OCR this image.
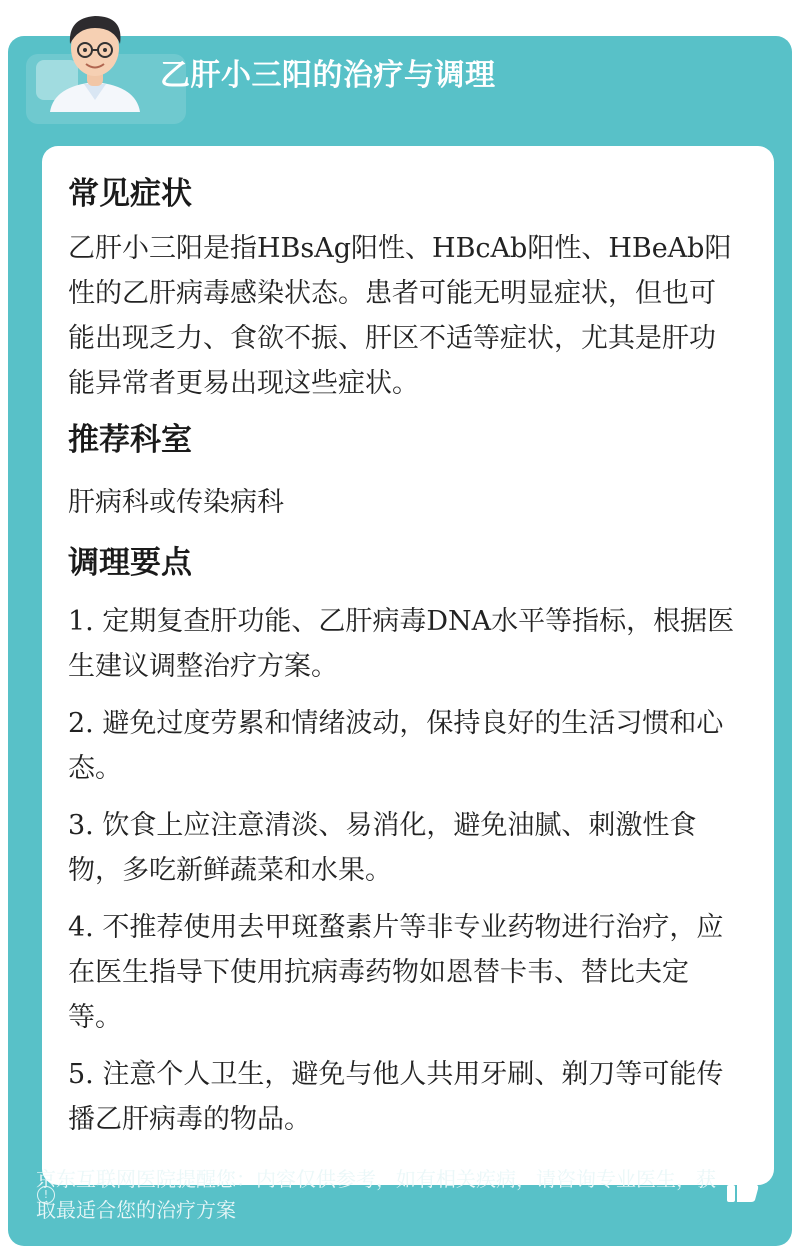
乙肝小三阳的治疗与调理
常见症状

乙肝小三阳是指HBsAg阳性、HBcAb阳性、HBeAb阳性的乙肝病毒感染状态。患者可能无明显症状，但也可能出现乏力、食欲不振、肝区不适等症状，尤其是肝功能异常者更易出现这些症状。

推荐科室

肝病科或传染病科

调理要点
1. 定期复查肝功能、乙肝病毒DNA水平等指标，根据医生建议调整治疗方案。
2. 避免过度劳累和情绪波动，保持良好的生活习惯和心态。
3. 饮食上应注意清淡、易消化，避免油腻、刺激性食物，多吃新鲜蔬菜和水果。
4. 不推荐使用去甲斑蝥素片等非专业药物进行治疗，应在医生指导下使用抗病毒药物如恩替卡韦、替比夫定等。
5. 注意个人卫生，避免与他人共用牙刷、剃刀等可能传播乙肝病毒的物品。
!
京东互联网医院提醒您：内容仅供参考，如有相关疾病，请咨询专业医生，获取最适合您的治疗方案
